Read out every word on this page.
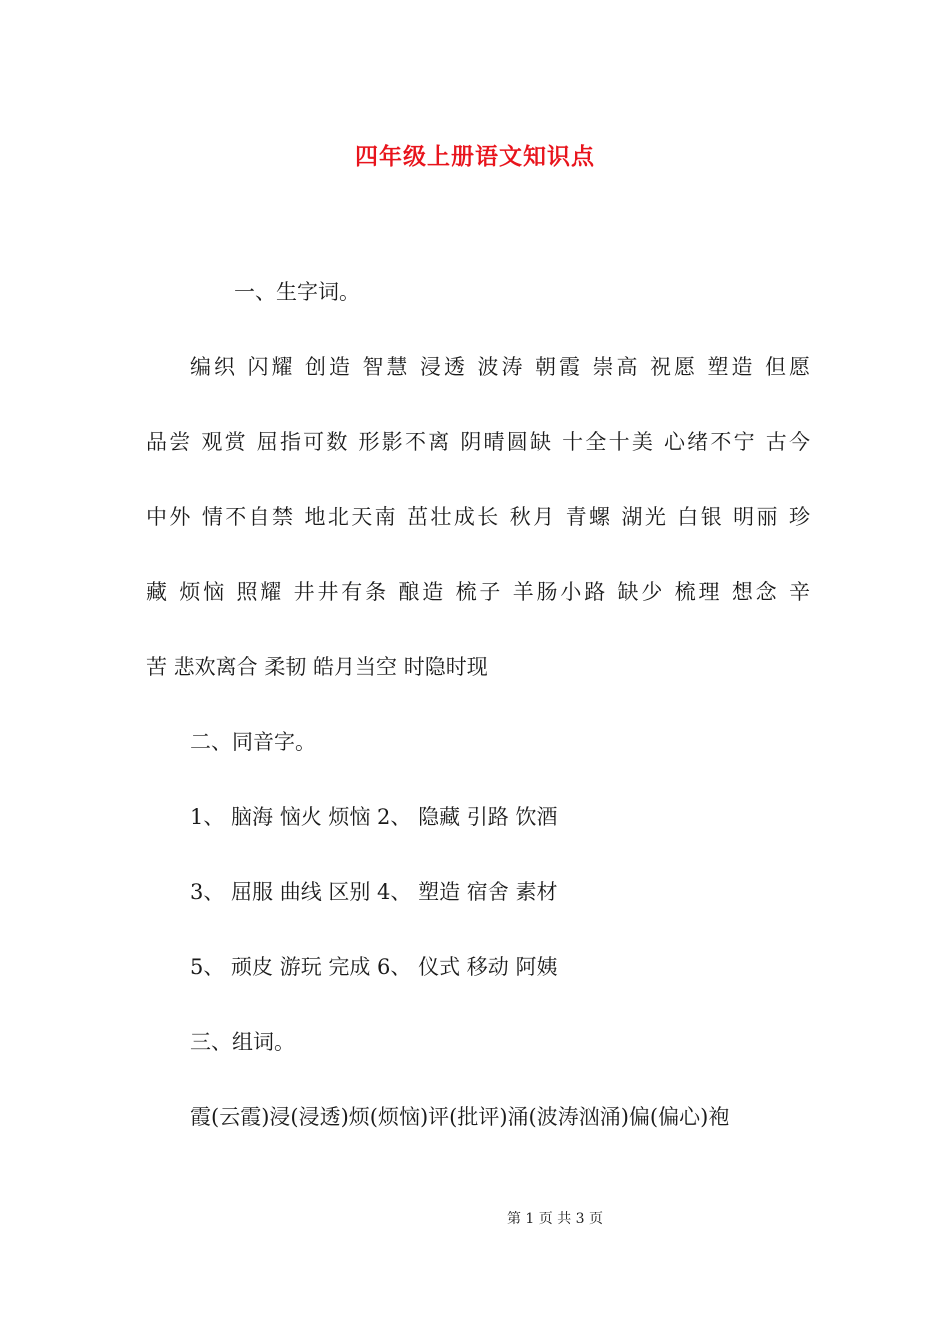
四年级上册语文知识点
一、生字词。
编织 闪耀 创造 智慧 浸透 波涛 朝霞 崇高 祝愿 塑造 但愿
品尝 观赏 屈指可数 形影不离 阴晴圆缺 十全十美 心绪不宁 古今
中外 情不自禁 地北天南 茁壮成长 秋月 青螺 湖光 白银 明丽 珍
藏 烦恼 照耀 井井有条 酿造 梳子 羊肠小路 缺少 梳理 想念 辛
苦 悲欢离合 柔韧 皓月当空 时隐时现
二、同音字。
1、 脑海 恼火 烦恼 2、 隐藏 引路 饮酒
3、 屈服 曲线 区别 4、 塑造 宿舍 素材
5、 顽皮 游玩 完成 6、 仪式 移动 阿姨
三、组词。
霞(云霞)浸(浸透)烦(烦恼)评(批评)涌(波涛汹涌)偏(偏心)袍
第 1 页 共 3 页
